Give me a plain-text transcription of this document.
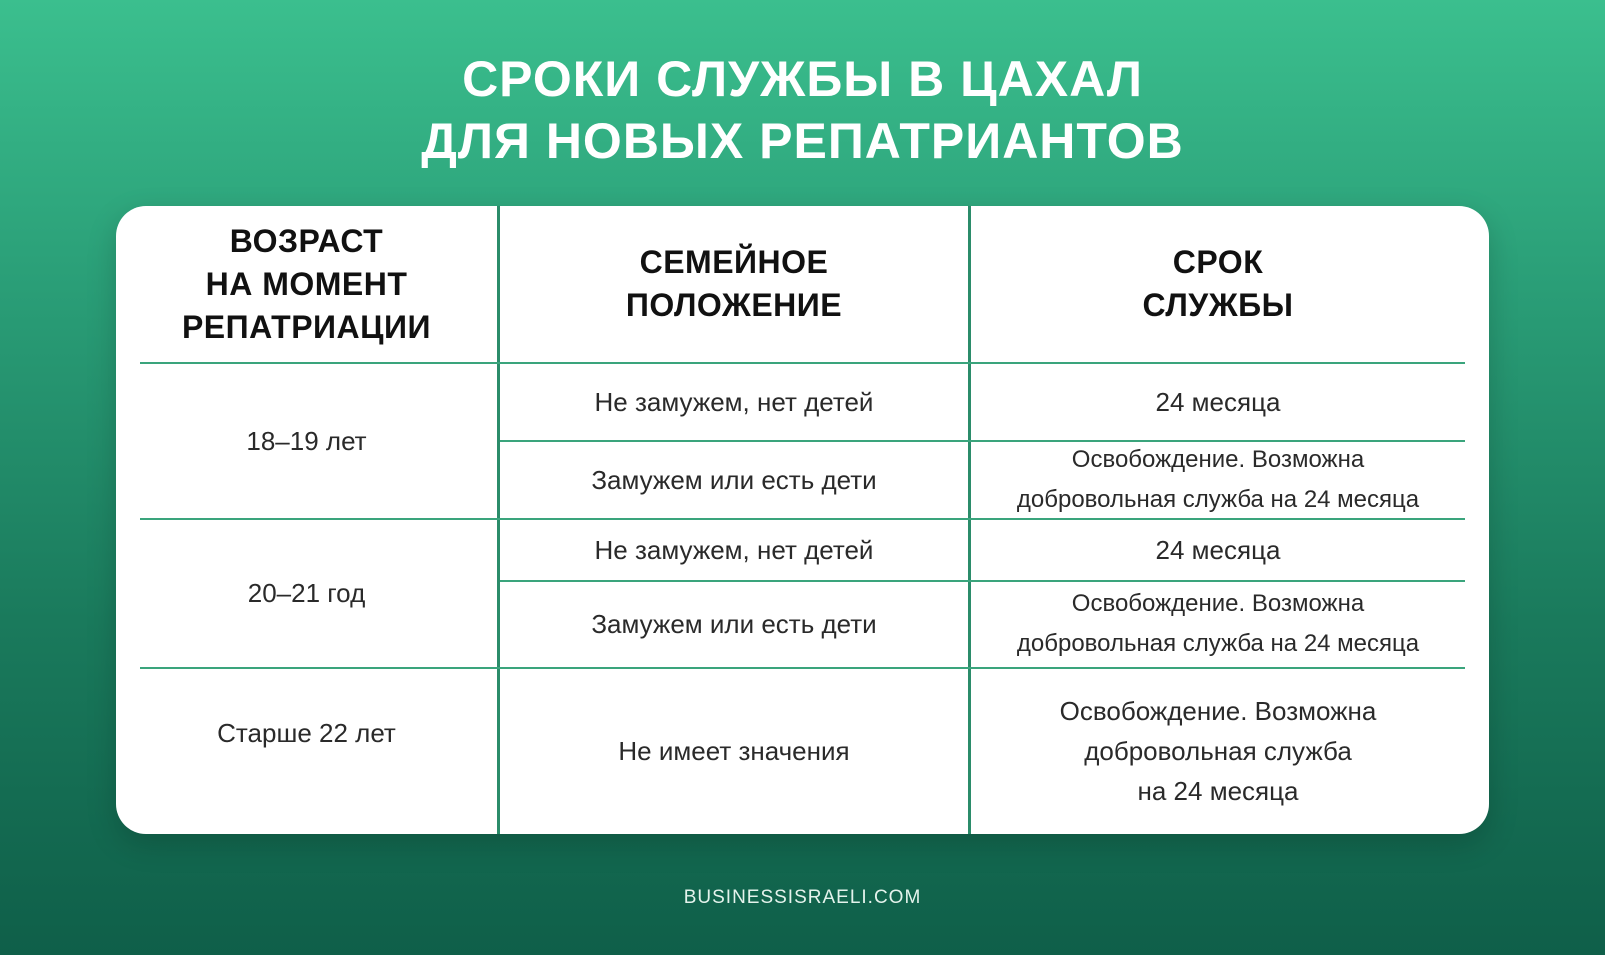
СРОКИ СЛУЖБЫ В ЦАХАЛ
ДЛЯ НОВЫХ РЕПАТРИАНТОВ
ВОЗРАСТ
НА МОМЕНТ
РЕПАТРИАЦИИ
СЕМЕЙНОЕ
ПОЛОЖЕНИЕ
СРОК
СЛУЖБЫ
18–19 лет
Не замужем, нет детей	24 месяца
Замужем или есть дети
Освобождение. Возможна
добровольная служба на 24 месяца
20–21 год
Не замужем, нет детей	24 месяца
Замужем или есть дети
Освобождение. Возможна
добровольная служба на 24 месяца
Старше 22 лет
Не имеет значения
Освобождение. Возможна
добровольная служба
на 24 месяца
BUSINESSISRAELI.COM
